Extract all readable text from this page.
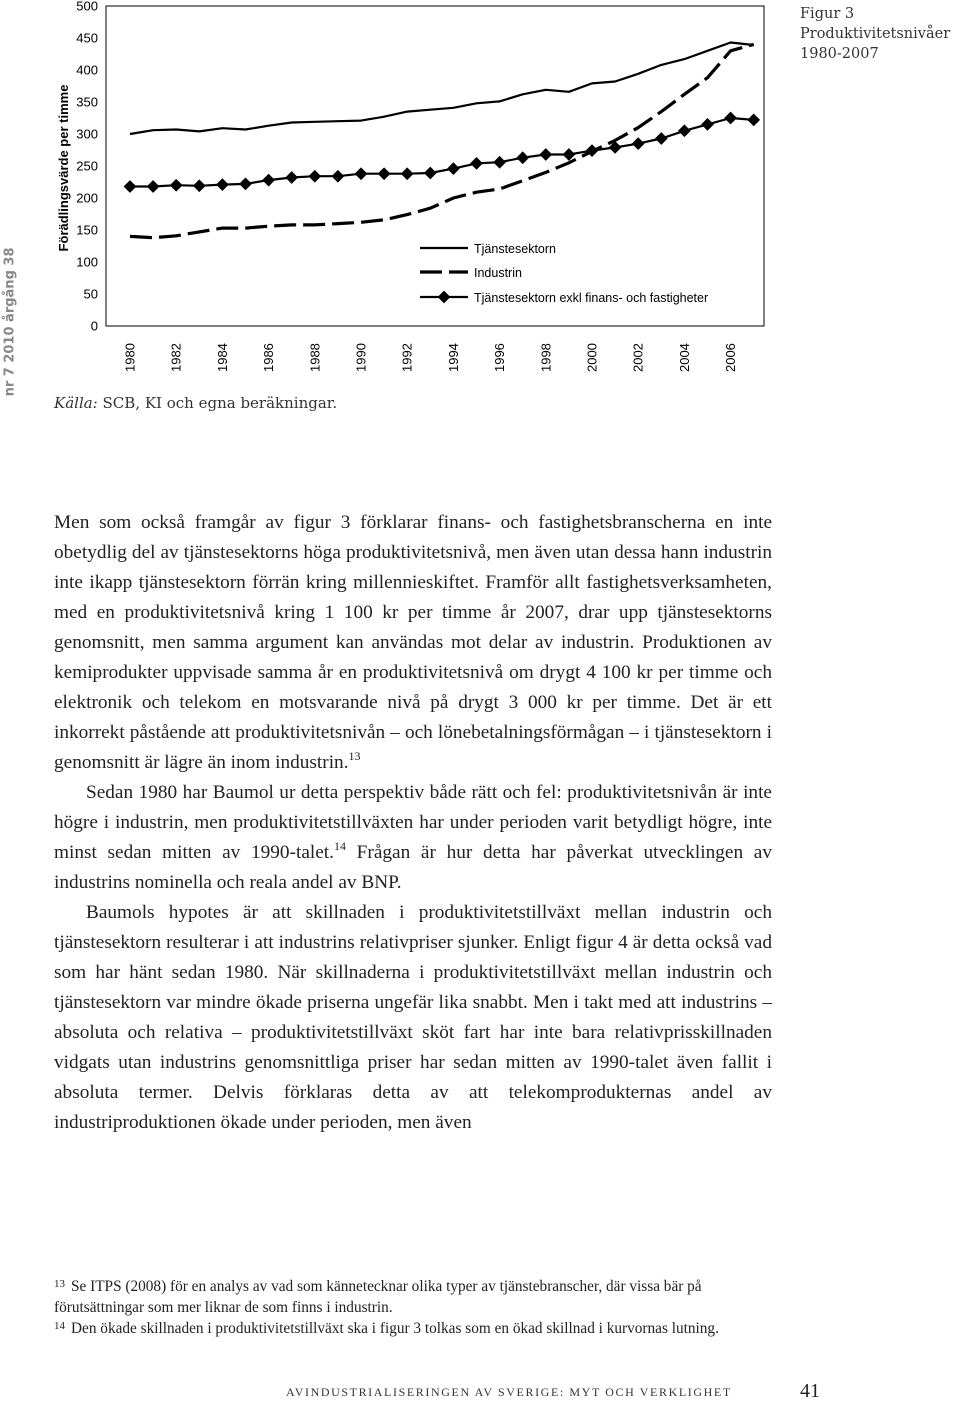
nr 7 2010 årgång 38
Förädlingsvärde per timme
0
50
100
150
200
250
300
350
400
450
500
1980 1982 1984 1986 1988 1990 1992 1994 1996 1998 2000 2002 2004 2006
Tjänstesektorn
Industrin
Tjänstesektorn exkl finans- och fastigheter
Figur 3
Produktivitetsnivåer
1980-2007
Källa: SCB, KI och egna beräkningar.

Men som också framgår av figur 3 förklarar finans- och fastighetsbranscherna en inte obetydlig del av tjänstesektorns höga produktivitetsnivå, men även utan dessa hann industrin inte ikapp tjänstesektorn förrän kring millennieskiftet. Framför allt fastighetsverksamheten, med en produktivitetsnivå kring 1 100 kr per timme år 2007, drar upp tjänstesektorns genomsnitt, men samma argument kan användas mot delar av industrin. Produktionen av kemiprodukter uppvisade samma år en produktivitetsnivå om drygt 4 100 kr per timme och elektronik och telekom en motsvarande nivå på drygt 3 000 kr per timme. Det är ett inkorrekt påstående att produktivitetsnivån – och lönebetalningsförmågan – i tjänstesektorn i genomsnitt är lägre än inom industrin.$^{13}$

Sedan 1980 har Baumol ur detta perspektiv både rätt och fel: produktivitetsnivån är inte högre i industrin, men produktivitetstillväxten har under perioden varit betydligt högre, inte minst sedan mitten av 1990-talet.$^{14}$ Frågan är hur detta har påverkat utvecklingen av industrins nominella och reala andel av BNP.

Baumols hypotes är att skillnaden i produktivitetstillväxt mellan industrin och tjänstesektorn resulterar i att industrins relativpriser sjunker. Enligt figur 4 är detta också vad som har hänt sedan 1980. När skillnaderna i produktivitetstillväxt mellan industrin och tjänstesektorn var mindre ökade priserna ungefär lika snabbt. Men i takt med att industrins – absoluta och relativa – produktivitetstillväxt sköt fart har inte bara relativprisskillnaden vidgats utan industrins genomsnittliga priser har sedan mitten av 1990-talet även fallit i absoluta termer. Delvis förklaras detta av att telekomprodukternas andel av industriproduktionen ökade under perioden, men även

$^{13}$ Se ITPS (2008) för en analys av vad som kännetecknar olika typer av tjänstebranscher, där vissa bär på förutsättningar som mer liknar de som finns i industrin.

$^{14}$ Den ökade skillnaden i produktivitetstillväxt ska i figur 3 tolkas som en ökad skillnad i kurvornas lutning.

AVINDUSTRIALISERINGEN AV SVERIGE: MYT OCH VERKLIGHET	41
